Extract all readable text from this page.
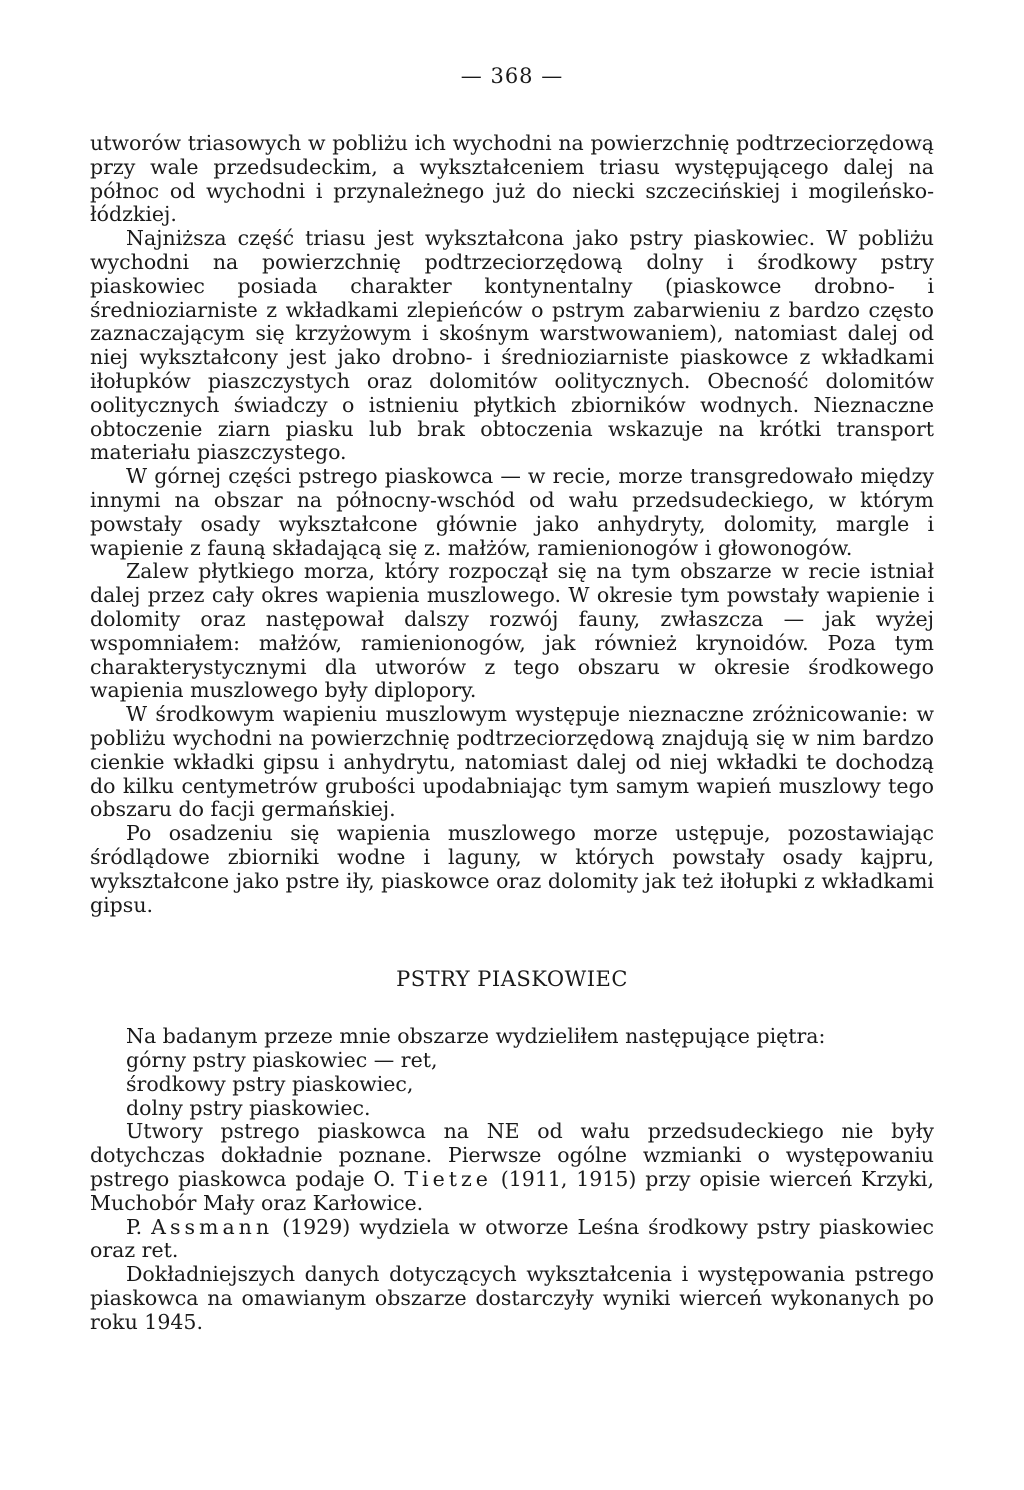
— 368 —

utworów triasowych w pobliżu ich wychodni na powierzchnię podtrzeciorzędową przy wale przedsudeckim, a wykształceniem triasu występującego dalej na północ od wychodni i przynależnego już do niecki szczecińskiej i mogileńsko-łódzkiej.

Najniższa część triasu jest wykształcona jako pstry piaskowiec. W pobliżu wychodni na powierzchnię podtrzeciorzędową dolny i środkowy pstry piaskowiec posiada charakter kontynentalny (piaskowce drobno- i średnioziarniste z wkładkami zlepieńców o pstrym zabarwieniu z bardzo często zaznaczającym się krzyżowym i skośnym warstwowaniem), natomiast dalej od niej wykształcony jest jako drobno- i średnioziarniste piaskowce z wkładkami iłołupków piaszczystych oraz dolomitów oolitycznych. Obecność dolomitów oolitycznych świadczy o istnieniu płytkich zbiorników wodnych. Nieznaczne obtoczenie ziarn piasku lub brak obtoczenia wskazuje na krótki transport materiału piaszczystego.

W górnej części pstrego piaskowca — w recie, morze transgredowało między innymi na obszar na północny-wschód od wału przedsudeckiego, w którym powstały osady wykształcone głównie jako anhydryty, dolomity, margle i wapienie z fauną składającą się z. małżów, ramienionogów i głowonogów.

Zalew płytkiego morza, który rozpoczął się na tym obszarze w recie istniał dalej przez cały okres wapienia muszlowego. W okresie tym powstały wapienie i dolomity oraz następował dalszy rozwój fauny, zwłaszcza — jak wyżej wspomniałem: małżów, ramienionogów, jak również krynoidów. Poza tym charakterystycznymi dla utworów z tego obszaru w okresie środkowego wapienia muszlowego były diplopory.

W środkowym wapieniu muszlowym występuje nieznaczne zróżnicowanie: w pobliżu wychodni na powierzchnię podtrzeciorzędową znajdują się w nim bardzo cienkie wkładki gipsu i anhydrytu, natomiast dalej od niej wkładki te dochodzą do kilku centymetrów grubości upodabniając tym samym wapień muszlowy tego obszaru do facji germańskiej.

Po osadzeniu się wapienia muszlowego morze ustępuje, pozostawiając śródlądowe zbiorniki wodne i laguny, w których powstały osady kajpru, wykształcone jako pstre iły, piaskowce oraz dolomity jak też iłołupki z wkładkami gipsu.

PSTRY PIASKOWIEC
Na badanym przeze mnie obszarze wydzieliłem następujące piętra:
górny pstry piaskowiec — ret,
środkowy pstry piaskowiec,
dolny pstry piaskowiec.

Utwory pstrego piaskowca na NE od wału przedsudeckiego nie były dotychczas dokładnie poznane. Pierwsze ogólne wzmianki o występowaniu pstrego piaskowca podaje O. Tietze (1911, 1915) przy opisie wierceń Krzyki, Muchobór Mały oraz Karłowice.

P. Assmann (1929) wydziela w otworze Leśna środkowy pstry piaskowiec oraz ret.

Dokładniejszych danych dotyczących wykształcenia i występowania pstrego piaskowca na omawianym obszarze dostarczyły wyniki wierceń wykonanych po roku 1945.
